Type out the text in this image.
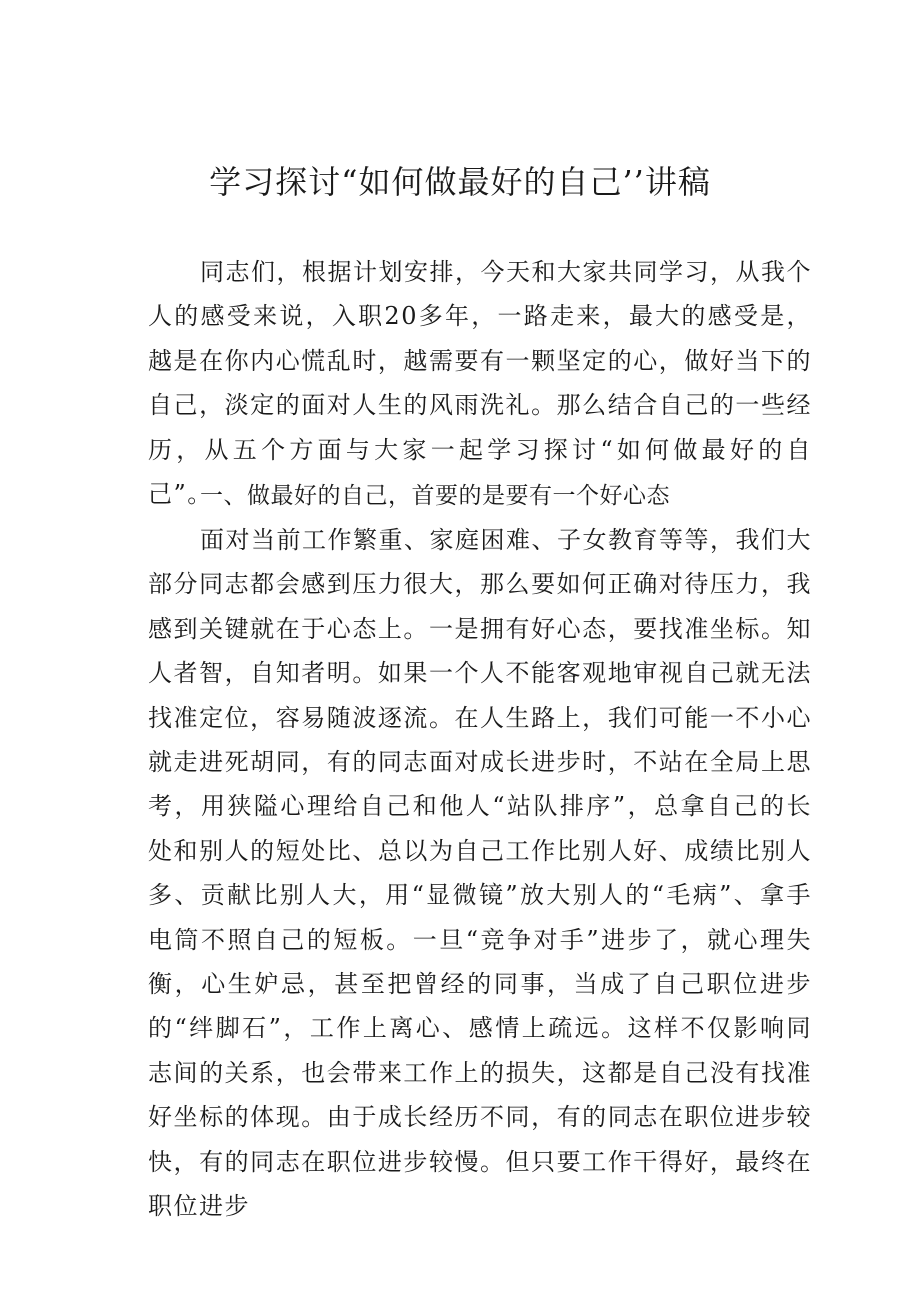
学习探讨“如何做最好的自己’’讲稿

同志们，根据计划安排，今天和大家共同学习，从我个人的感受来说，入职20多年，一路走来，最大的感受是，越是在你内心慌乱时，越需要有一颗坚定的心，做好当下的自己，淡定的面对人生的风雨洗礼。那么结合自己的一些经历，从五个方面与大家一起学习探讨“如何做最好的自己”。

一、做最好的自己，首要的是要有一个好心态

面对当前工作繁重、家庭困难、子女教育等等，我们大部分同志都会感到压力很大，那么要如何正确对待压力，我感到关键就在于心态上。一是拥有好心态，要找准坐标。知人者智，自知者明。如果一个人不能客观地审视自己就无法找准定位，容易随波逐流。在人生路上，我们可能一不小心就走进死胡同，有的同志面对成长进步时，不站在全局上思考，用狭隘心理给自己和他人“站队排序”，总拿自己的长处和别人的短处比、总以为自己工作比别人好、成绩比别人多、贡献比别人大，用“显微镜”放大别人的“毛病”、拿手电筒不照自己的短板。一旦“竞争对手”进步了，就心理失衡，心生妒忌，甚至把曾经的同事，当成了自己职位进步的“绊脚石”，工作上离心、感情上疏远。这样不仅影响同志间的关系，也会带来工作上的损失，这都是自己没有找准好坐标的体现。由于成长经历不同，有的同志在职位进步较快，有的同志在职位进步较慢。但只要工作干得好，最终在职位进步
